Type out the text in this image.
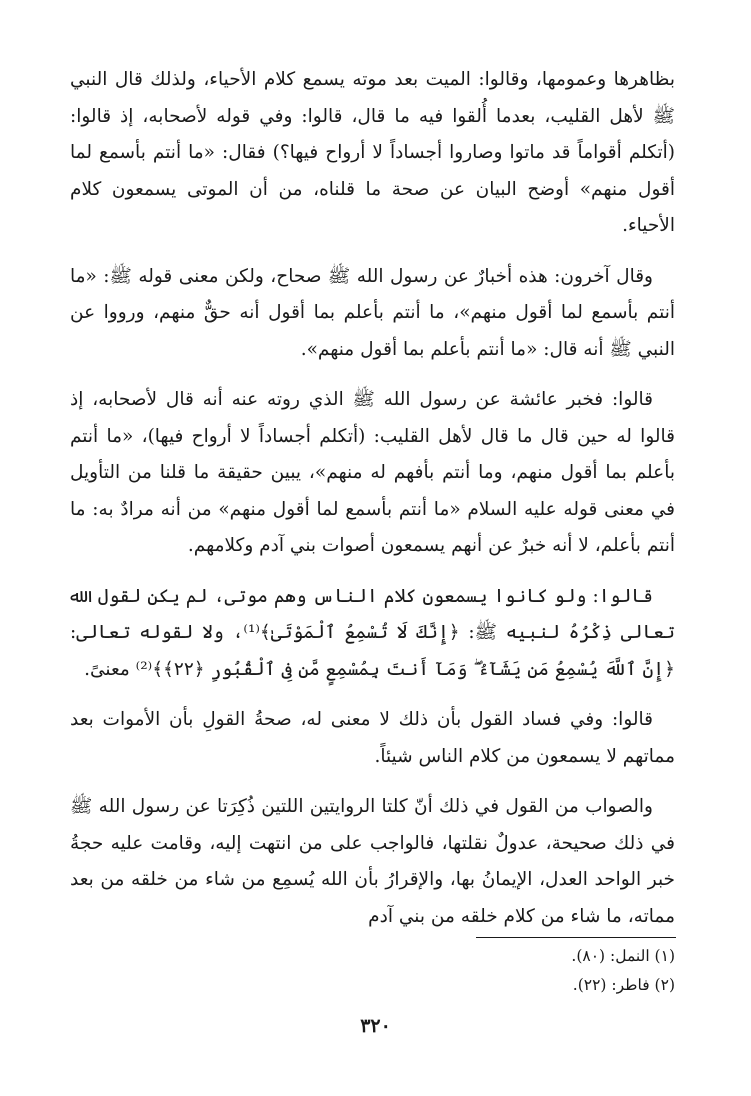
بظاهرها وعمومها، وقالوا: الميت بعد موته يسمع كلام الأحياء، ولذلك قال النبي ﷺ لأهل القليب، بعدما أُلقوا فيه ما قال، قالوا: وفي قوله لأصحابه، إذ قالوا: (أتكلم أقواماً قد ماتوا وصاروا أجساداً لا أرواح فيها؟) فقال: «ما أنتم بأسمع لما أقول منهم» أوضح البيان عن صحة ما قلناه، من أن الموتى يسمعون كلام الأحياء.

وقال آخرون: هذه أخبارٌ عن رسول الله ﷺ صحاح، ولكن معنى قوله ﷺ: «ما أنتم بأسمع لما أقول منهم»، ما أنتم بأعلم بما أقول أنه حقٌّ منهم، ورووا عن النبي ﷺ أنه قال: «ما أنتم بأعلم بما أقول منهم».

قالوا: فخبر عائشة عن رسول الله ﷺ الذي روته عنه أنه قال لأصحابه، إذ قالوا له حين قال ما قال لأهل القليب: (أتكلم أجساداً لا أرواح فيها)، «ما أنتم بأعلم بما أقول منهم، وما أنتم بأفهم له منهم»، يبين حقيقة ما قلنا من التأويل في معنى قوله عليه السلام «ما أنتم بأسمع لما أقول منهم» من أنه مرادٌ به: ما أنتم بأعلم، لا أنه خبرٌ عن أنهم يسمعون أصوات بني آدم وكلامهم.

قالوا: ولو كانوا يسمعون كلام الناس وهم موتى، لم يكن لقول الله تعالى ذِكْرُهُ لنبيه ﷺ: ﴿إِنَّكَ لَا تُسْمِعُ ٱلْمَوْتَىٰ﴾⁽¹⁾، ولا لقوله تعالى: ﴿إِنَّ ٱللَّهَ يُسْمِعُ مَن يَشَآءُ ۖ وَمَآ أَنتَ بِمُسْمِعٍ مَّن فِى ٱلْقُبُورِ ﴿٢٢﴾﴾⁽²⁾ معنىً.

قالوا: وفي فساد القول بأن ذلك لا معنى له، صحةُ القولِ بأن الأموات بعد مماتهم لا يسمعون من كلام الناس شيئاً.

والصواب من القول في ذلك أنّ كلتا الروايتين اللتين ذُكِرَتا عن رسول الله ﷺ في ذلك صحيحة، عدولٌ نقلتها، فالواجب على من انتهت إليه، وقامت عليه حجةُ خبر الواحد العدل، الإيمانُ بها، والإقرارُ بأن الله يُسمِع من شاء من خلقه من بعد مماته، ما شاء من كلام خلقه من بني آدم

(١) النمل: (٨٠).

(٢) فاطر: (٢٢).

٣٢٠
